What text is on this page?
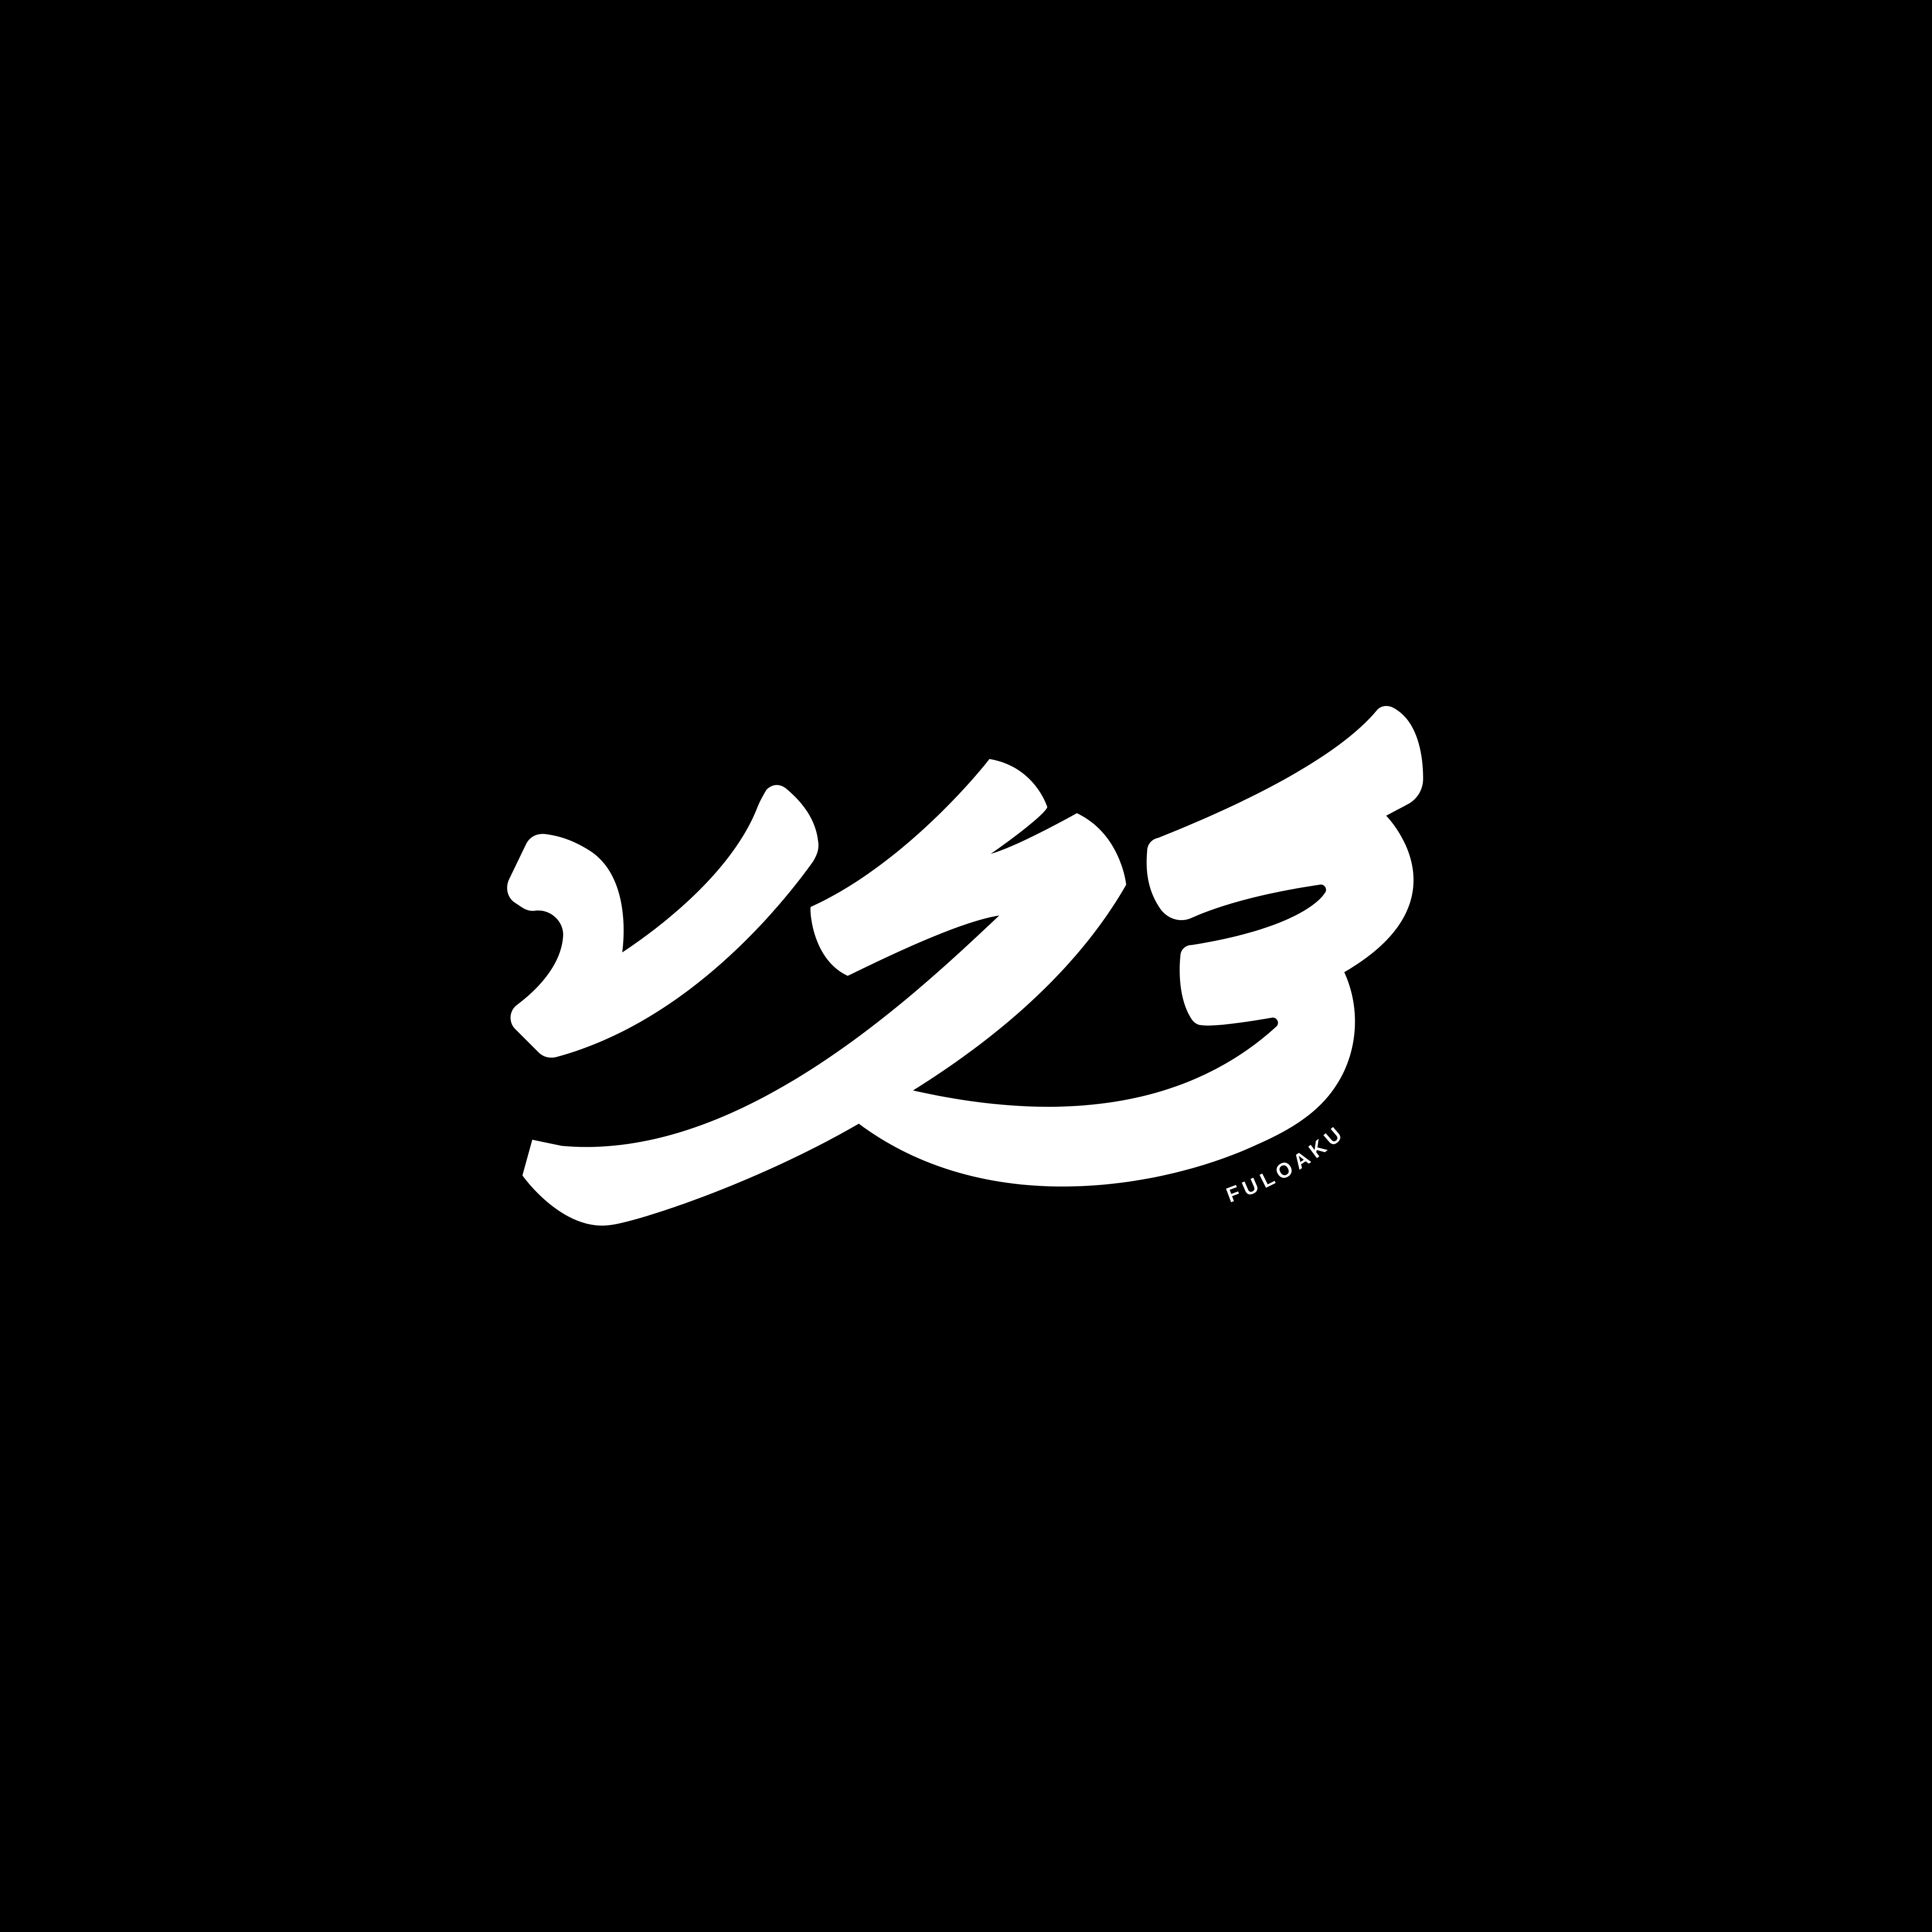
FULOAKU
